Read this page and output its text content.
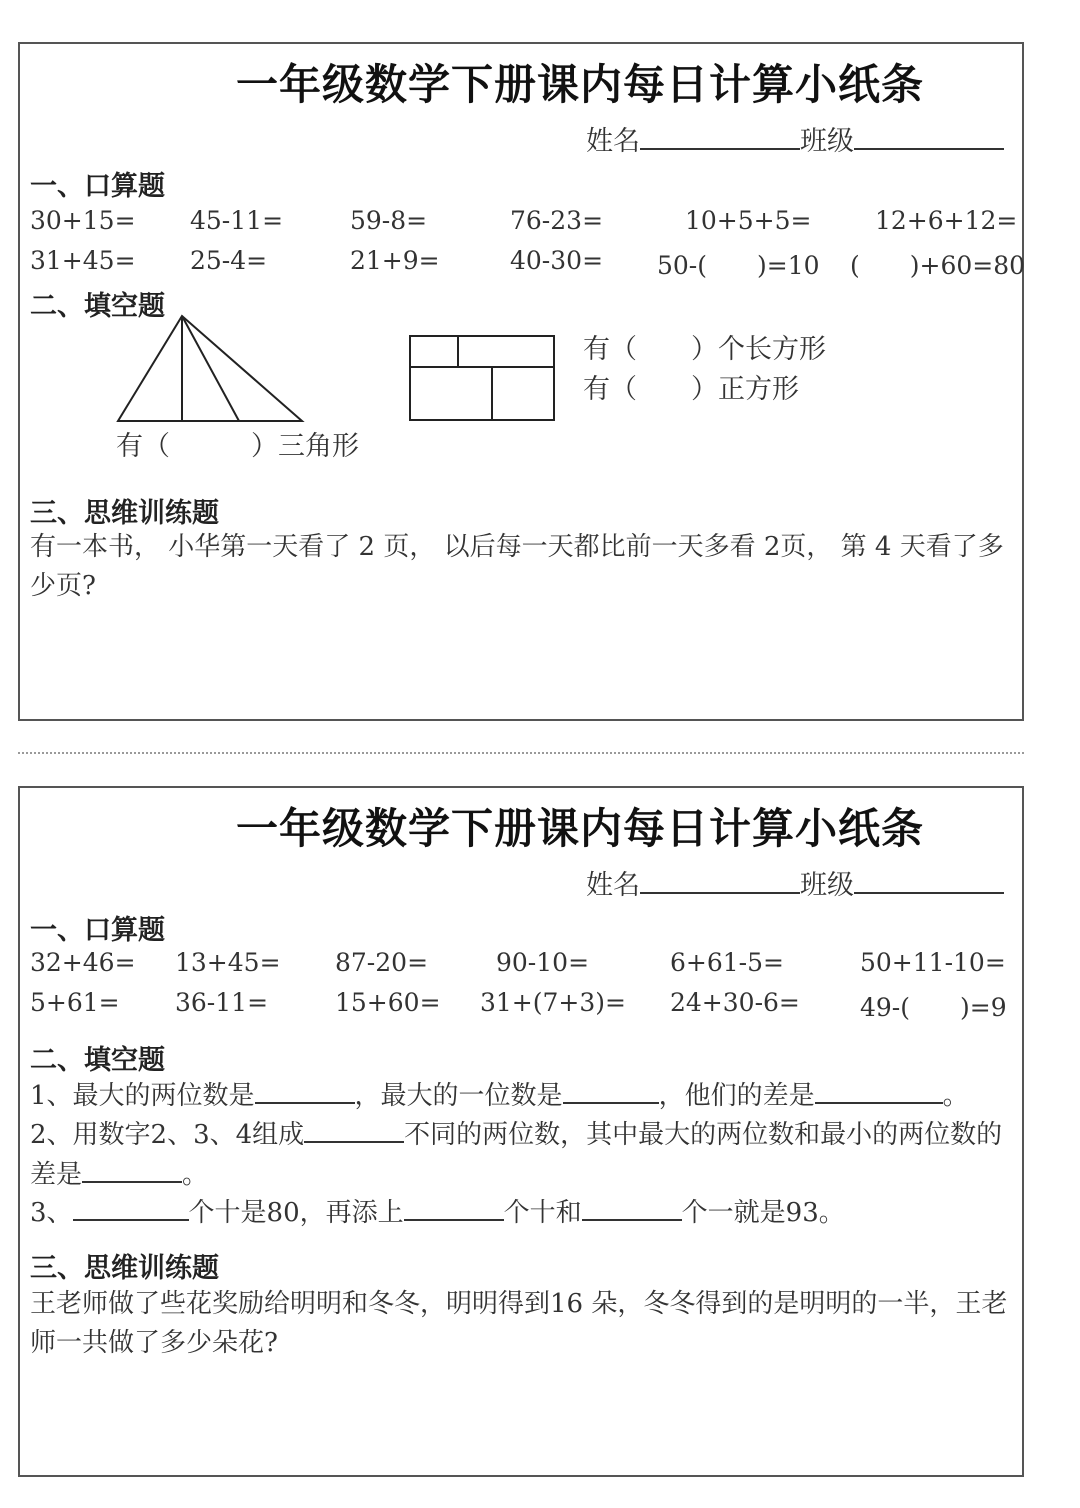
一年级数学下册课内每日计算小纸条
姓名	班级
一、口算题
30+15= 45-11=	59-8=	76-23=	10+5+5=	12+6+12=
31+45= 25-4=	21+9=	40-30= 50-(　　)=10 (　　)+60=80
二、填空题
有（　　　）三角形
有（　　）个长方形
有（　　）正方形
三、思维训练题
有一本书， 小华第一天看了 2 页， 以后每一天都比前一天多看 2页， 第 4 天看了多少页?
一年级数学下册课内每日计算小纸条
姓名	班级
一、口算题
32+46= 13+45= 87-20=	90-10=	6+61-5=	50+11-10=
5+61= 36-11=	15+60= 31+(7+3)= 24+30-6= 49-(　　)=9
二、填空题
1、最大的两位数是	，最大的一位数是	，他们的差是	。
2、用数字2、3、4组成	不同的两位数，其中最大的两位数和最小的两位数的差是	。
3、	个十是80，再添上	个十和	个一就是93。
三、思维训练题
王老师做了些花奖励给明明和冬冬，明明得到16 朵，冬冬得到的是明明的一半，王老师一共做了多少朵花?
